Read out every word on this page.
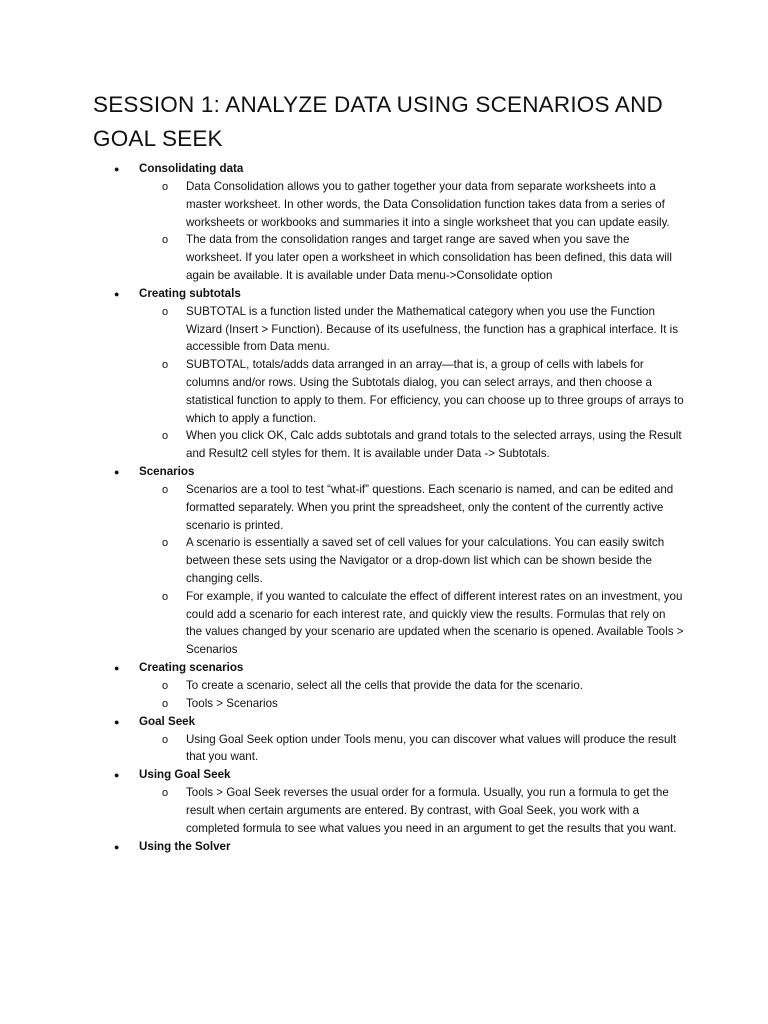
SESSION 1: ANALYZE DATA USING SCENARIOS AND GOAL SEEK
● Consolidating data
o Data Consolidation allows you to gather together your data from separate worksheets into a master worksheet. In other words, the Data Consolidation function takes data from a series of worksheets or workbooks and summaries it into a single worksheet that you can update easily.
o The data from the consolidation ranges and target range are saved when you save the worksheet. If you later open a worksheet in which consolidation has been defined, this data will again be available. It is available under Data menu->Consolidate option
● Creating subtotals
o SUBTOTAL is a function listed under the Mathematical category when you use the Function Wizard (Insert > Function). Because of its usefulness, the function has a graphical interface. It is accessible from Data menu.
o SUBTOTAL, totals/adds data arranged in an array—that is, a group of cells with labels for columns and/or rows. Using the Subtotals dialog, you can select arrays, and then choose a statistical function to apply to them. For efficiency, you can choose up to three groups of arrays to which to apply a function.
o When you click OK, Calc adds subtotals and grand totals to the selected arrays, using the Result and Result2 cell styles for them. It is available under Data -> Subtotals.
● Scenarios
o Scenarios are a tool to test “what-if” questions. Each scenario is named, and can be edited and formatted separately. When you print the spreadsheet, only the content of the currently active scenario is printed.
o A scenario is essentially a saved set of cell values for your calculations. You can easily switch between these sets using the Navigator or a drop-down list which can be shown beside the changing cells.
o For example, if you wanted to calculate the effect of different interest rates on an investment, you could add a scenario for each interest rate, and quickly view the results. Formulas that rely on the values changed by your scenario are updated when the scenario is opened. Available Tools > Scenarios
● Creating scenarios
o To create a scenario, select all the cells that provide the data for the scenario.
o Tools > Scenarios
● Goal Seek
o Using Goal Seek option under Tools menu, you can discover what values will produce the result that you want.
● Using Goal Seek
o Tools > Goal Seek reverses the usual order for a formula. Usually, you run a formula to get the result when certain arguments are entered. By contrast, with Goal Seek, you work with a completed formula to see what values you need in an argument to get the results that you want.
● Using the Solver
